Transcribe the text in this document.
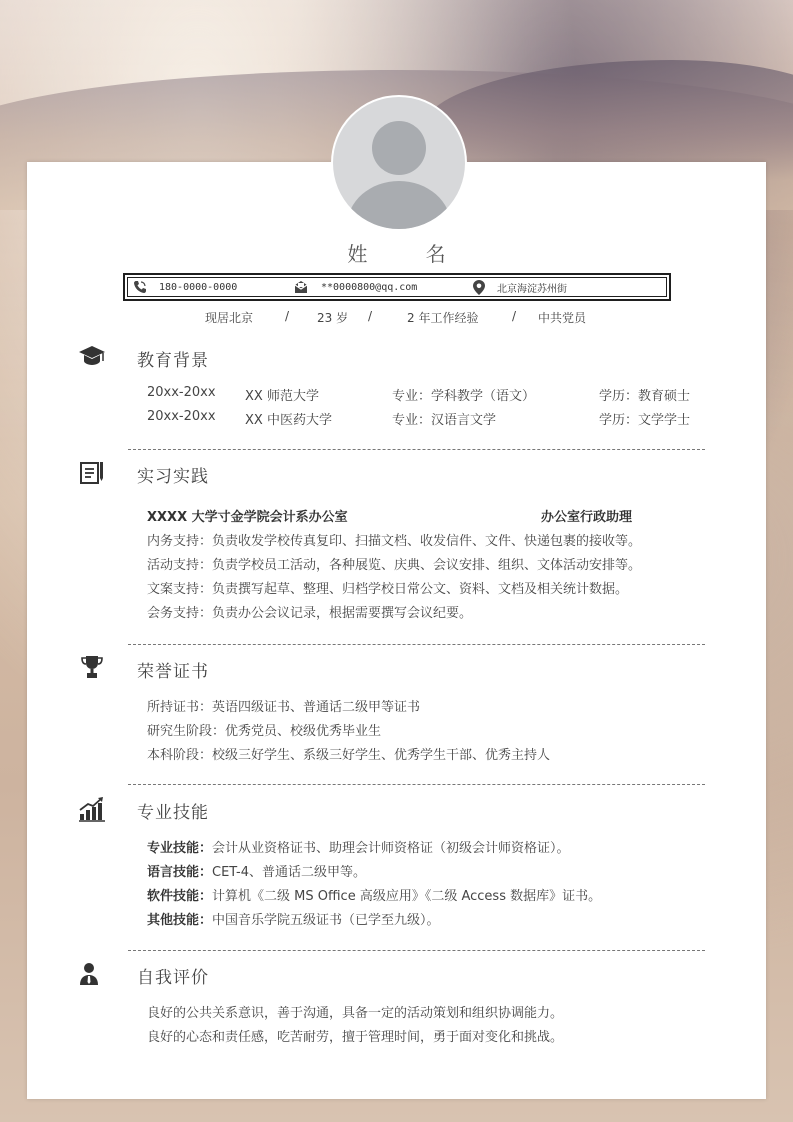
姓 名
180-0000-0000	**0000800@qq.com	北京海淀苏州街
现居北京	/ 23 岁 /	2 年工作经验	/ 中共党员
教育背景
20xx-20xx XX 师范大学	专业：学科教学（语文）	学历：教育硕士
20xx-20xx XX 中医药大学	专业：汉语言文学	学历：文学学士
实习实践
XXXX 大学寸金学院会计系办公室	办公室行政助理
内务支持：负责收发学校传真复印、扫描文档、收发信件、文件、快递包裹的接收等。
活动支持：负责学校员工活动，各种展览、庆典、会议安排、组织、文体活动安排等。
文案支持：负责撰写起草、整理、归档学校日常公文、资料、文档及相关统计数据。
会务支持：负责办公会议记录，根据需要撰写会议纪要。
荣誉证书
所持证书：英语四级证书、普通话二级甲等证书
研究生阶段：优秀党员、校级优秀毕业生
本科阶段：校级三好学生、系级三好学生、优秀学生干部、优秀主持人
专业技能
专业技能：会计从业资格证书、助理会计师资格证（初级会计师资格证）。
语言技能：CET-4、普通话二级甲等。
软件技能：计算机《二级 MS Office 高级应用》《二级 Access 数据库》证书。
其他技能：中国音乐学院五级证书（已学至九级）。
自我评价
良好的公共关系意识，善于沟通，具备一定的活动策划和组织协调能力。
良好的心态和责任感，吃苦耐劳，擅于管理时间，勇于面对变化和挑战。
